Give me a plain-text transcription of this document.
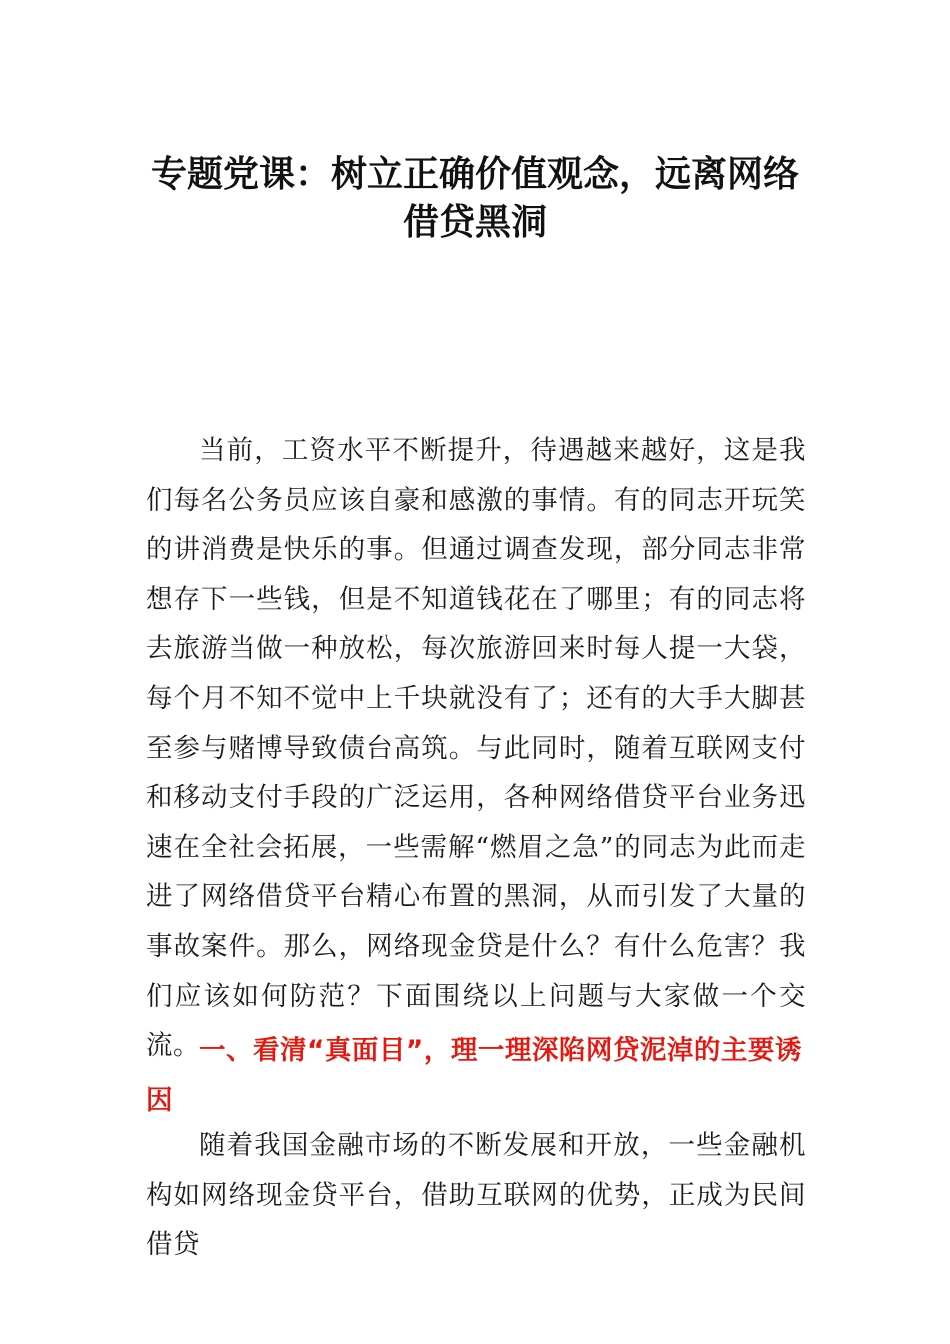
专题党课：树立正确价值观念，远离网络
借贷黑洞

当前，工资水平不断提升，待遇越来越好，这是我们每名公务员应该自豪和感激的事情。有的同志开玩笑的讲消费是快乐的事。但通过调查发现，部分同志非常想存下一些钱，但是不知道钱花在了哪里；有的同志将去旅游当做一种放松，每次旅游回来时每人提一大袋，每个月不知不觉中上千块就没有了；还有的大手大脚甚至参与赌博导致债台高筑。与此同时，随着互联网支付和移动支付手段的广泛运用，各种网络借贷平台业务迅速在全社会拓展，一些需解“燃眉之急”的同志为此而走进了网络借贷平台精心布置的黑洞，从而引发了大量的事故案件。那么，网络现金贷是什么？有什么危害？我们应该如何防范？下面围绕以上问题与大家做一个交流。 一、看清“真面目”，理一理深陷网贷泥淖的主要诱因

随着我国金融市场的不断发展和开放，一些金融机构如网络现金贷平台，借助互联网的优势，正成为民间借贷
